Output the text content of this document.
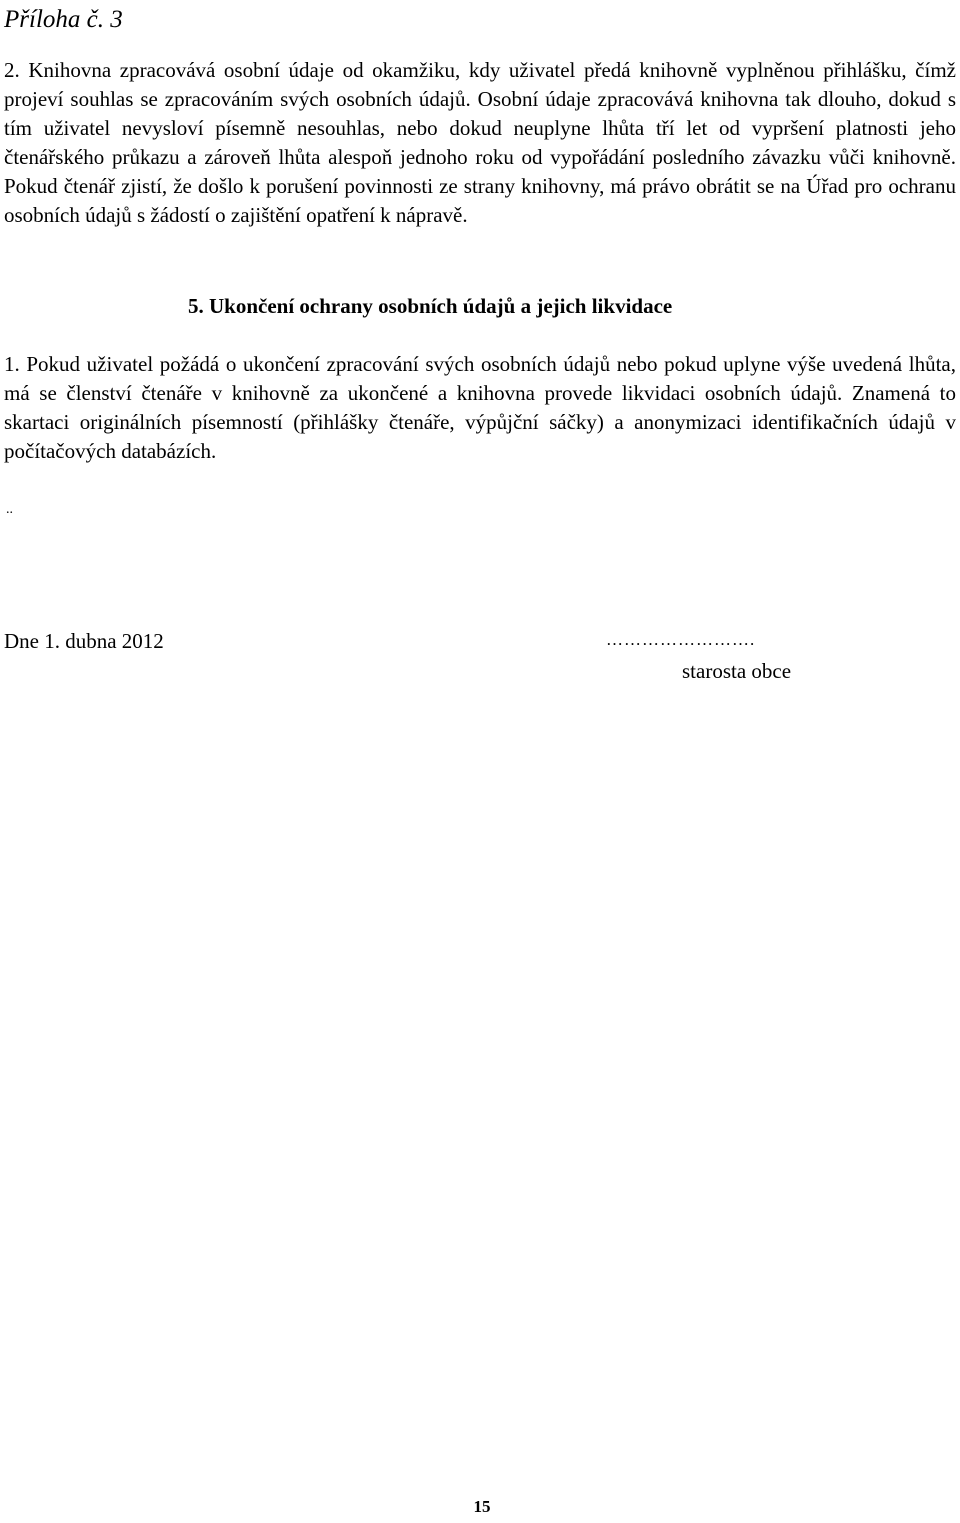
Příloha č. 3

2. Knihovna zpracovává osobní údaje od okamžiku, kdy uživatel předá knihovně vyplněnou přihlášku, čímž projeví souhlas se zpracováním svých osobních údajů. Osobní údaje zpracovává knihovna tak dlouho, dokud s tím uživatel nevysloví písemně nesouhlas, nebo dokud neuplyne lhůta tří let od vypršení platnosti jeho čtenářského průkazu a zároveň lhůta alespoň jednoho roku od vypořádání posledního závazku vůči knihovně. Pokud čtenář zjistí, že došlo k porušení povinnosti ze strany knihovny, má právo obrátit se na Úřad pro ochranu osobních údajů s žádostí o zajištění opatření k nápravě.

5. Ukončení ochrany osobních údajů a jejich likvidace

1. Pokud uživatel požádá o ukončení zpracování svých osobních údajů nebo pokud uplyne výše uvedená lhůta, má se členství čtenáře v knihovně za ukončené a knihovna provede likvidaci osobních údajů. Znamená to skartaci originálních písemností (přihlášky čtenáře, výpůjční sáčky) a anonymizaci identifikačních údajů v počítačových databázích.

..
Dne 1. dubna 2012	…………………….
starosta obce
15
